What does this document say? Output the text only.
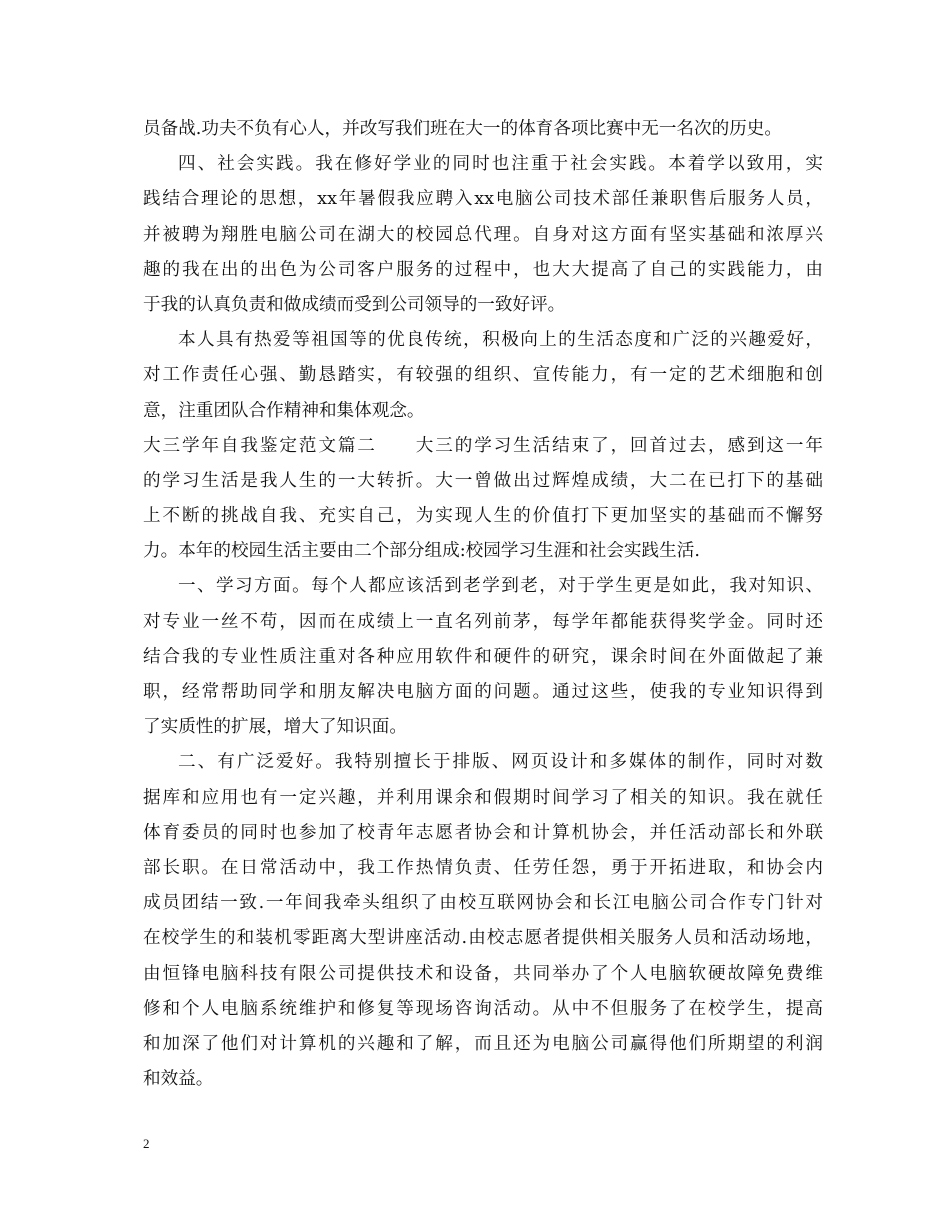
员备战.功夫不负有心人，并改写我们班在大一的体育各项比赛中无一名次的历史。
四、社会实践。我在修好学业的同时也注重于社会实践。本着学以致用，实
践结合理论的思想，xx年暑假我应聘入xx电脑公司技术部任兼职售后服务人员，
并被聘为翔胜电脑公司在湖大的校园总代理。自身对这方面有坚实基础和浓厚兴
趣的我在出的出色为公司客户服务的过程中，也大大提高了自己的实践能力，由
于我的认真负责和做成绩而受到公司领导的一致好评。
本人具有热爱等祖国等的优良传统，积极向上的生活态度和广泛的兴趣爱好，
对工作责任心强、勤恳踏实，有较强的组织、宣传能力，有一定的艺术细胞和创
意，注重团队合作精神和集体观念。
大三学年自我鉴定范文篇二　　大三的学习生活结束了，回首过去，感到这一年
的学习生活是我人生的一大转折。大一曾做出过辉煌成绩，大二在已打下的基础
上不断的挑战自我、充实自己，为实现人生的价值打下更加坚实的基础而不懈努
力。本年的校园生活主要由二个部分组成:校园学习生涯和社会实践生活.
一、学习方面。每个人都应该活到老学到老，对于学生更是如此，我对知识、
对专业一丝不苟，因而在成绩上一直名列前茅，每学年都能获得奖学金。同时还
结合我的专业性质注重对各种应用软件和硬件的研究，课余时间在外面做起了兼
职，经常帮助同学和朋友解决电脑方面的问题。通过这些，使我的专业知识得到
了实质性的扩展，增大了知识面。
二、有广泛爱好。我特别擅长于排版、网页设计和多媒体的制作，同时对数
据库和应用也有一定兴趣，并利用课余和假期时间学习了相关的知识。我在就任
体育委员的同时也参加了校青年志愿者协会和计算机协会，并任活动部长和外联
部长职。在日常活动中，我工作热情负责、任劳任怨，勇于开拓进取，和协会内
成员团结一致.一年间我牵头组织了由校互联网协会和长江电脑公司合作专门针对
在校学生的和装机零距离大型讲座活动.由校志愿者提供相关服务人员和活动场地，
由恒锋电脑科技有限公司提供技术和设备，共同举办了个人电脑软硬故障免费维
修和个人电脑系统维护和修复等现场咨询活动。从中不但服务了在校学生，提高
和加深了他们对计算机的兴趣和了解，而且还为电脑公司赢得他们所期望的利润
和效益。
2
